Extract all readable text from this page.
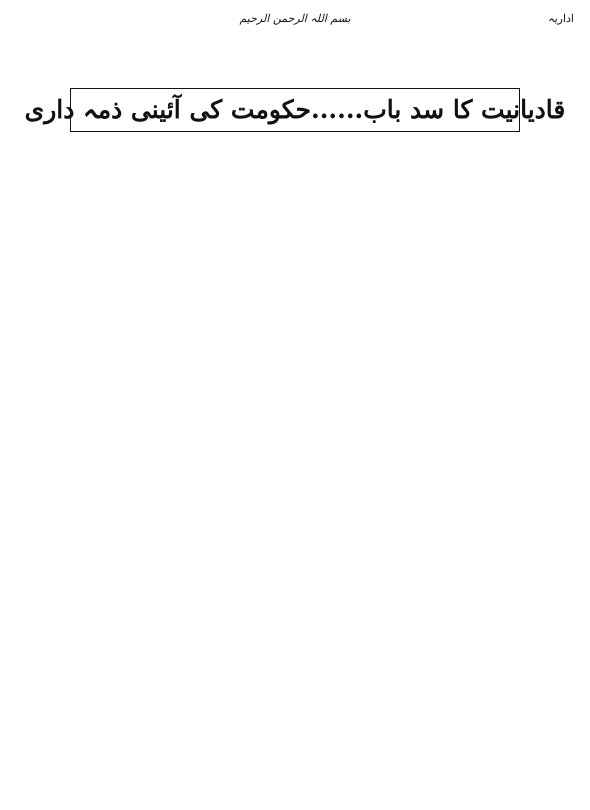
اداریہ

بسم اللہ الرحمن الرحیم

قادیانیت کا سد باب......حکومت کی آئینی ذمہ داری
